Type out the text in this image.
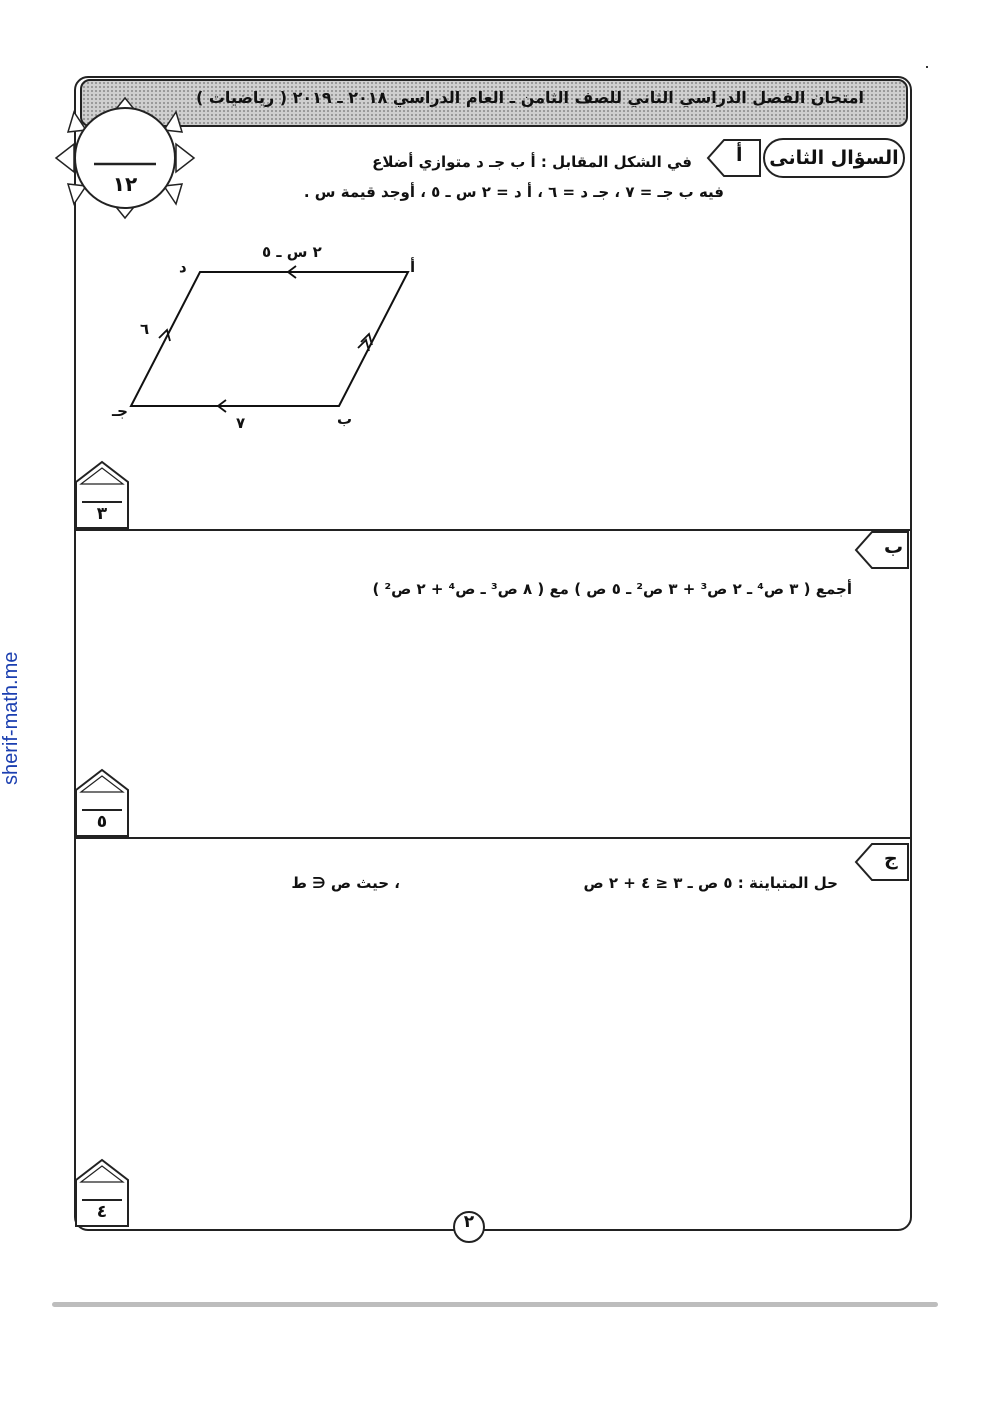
امتحان الفصل الدراسي الثاني للصف الثامن ـ العام الدراسي ٢٠١٨ ـ ٢٠١٩ ( رياضيات )
١٢
السؤال الثانى
أ
في الشكل المقابل : أ ب جـ د متوازي أضلاع
فيه ب جـ = ٧ ، جـ د = ٦ ، أ د = ٢ س ـ ٥ ، أوجد قيمة س .
أ
د
ب
جـ
٢ س ـ ٥
٦
٧
٣
ب
أجمع ( ٣ ص⁴ ـ ٢ ص³ + ٣ ص² ـ ٥ ص ) مع ( ٨ ص³ ـ ص⁴ + ٢ ص² )
٥
ج
حل المتباينة : ٥ ص ـ ٣ ≤ ٤ + ٢ ص
، حيث ص ∈ ط
٤	٢
sherif-math.me
